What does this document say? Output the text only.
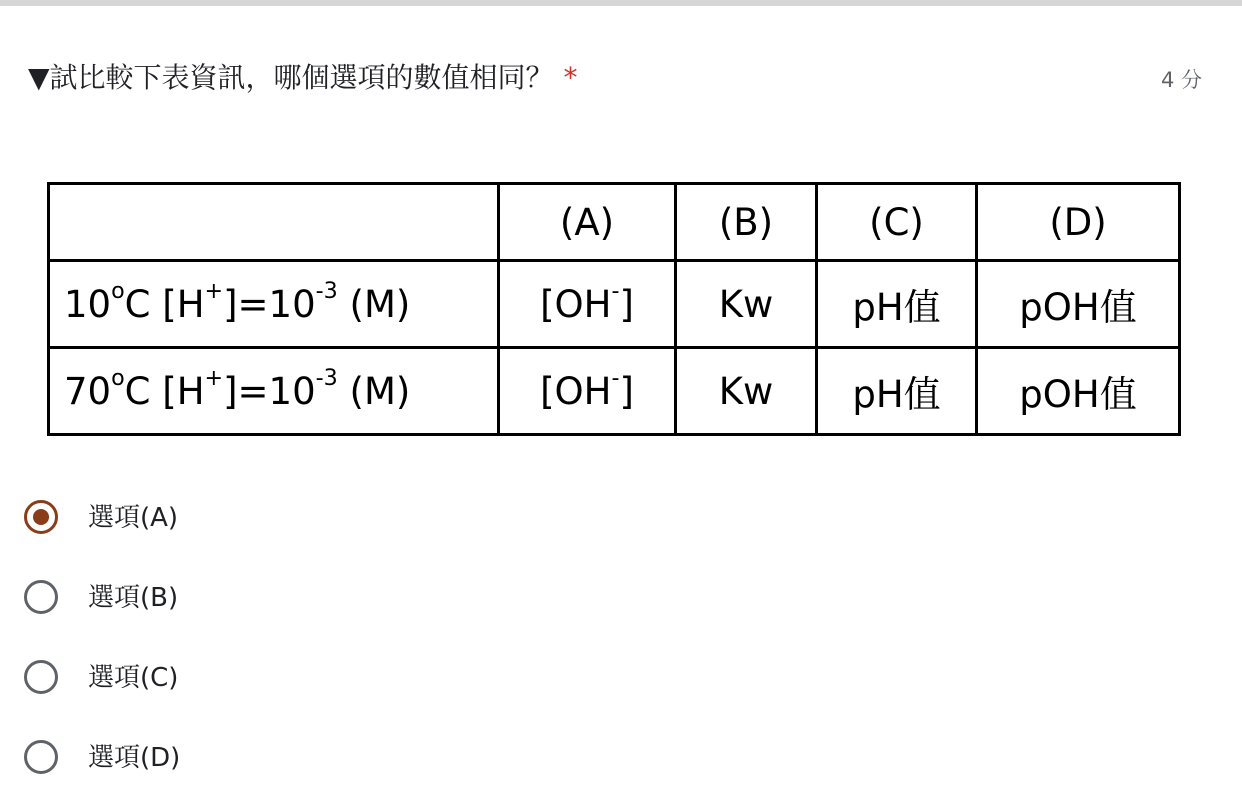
▼試比較下表資訊，哪個選項的數值相同？ *	4 分
	(A)	(B)	(C)	(D)
10$^o$C $[H^+]=10^{-3}$ (M)	[OH-]	Kw	pH值	pOH值
70$^o$C $[H^+]=10^{-3}$ (M)	[OH-]	Kw	pH值	pOH值
選項(A)
選項(B)
選項(C)
選項(D)
